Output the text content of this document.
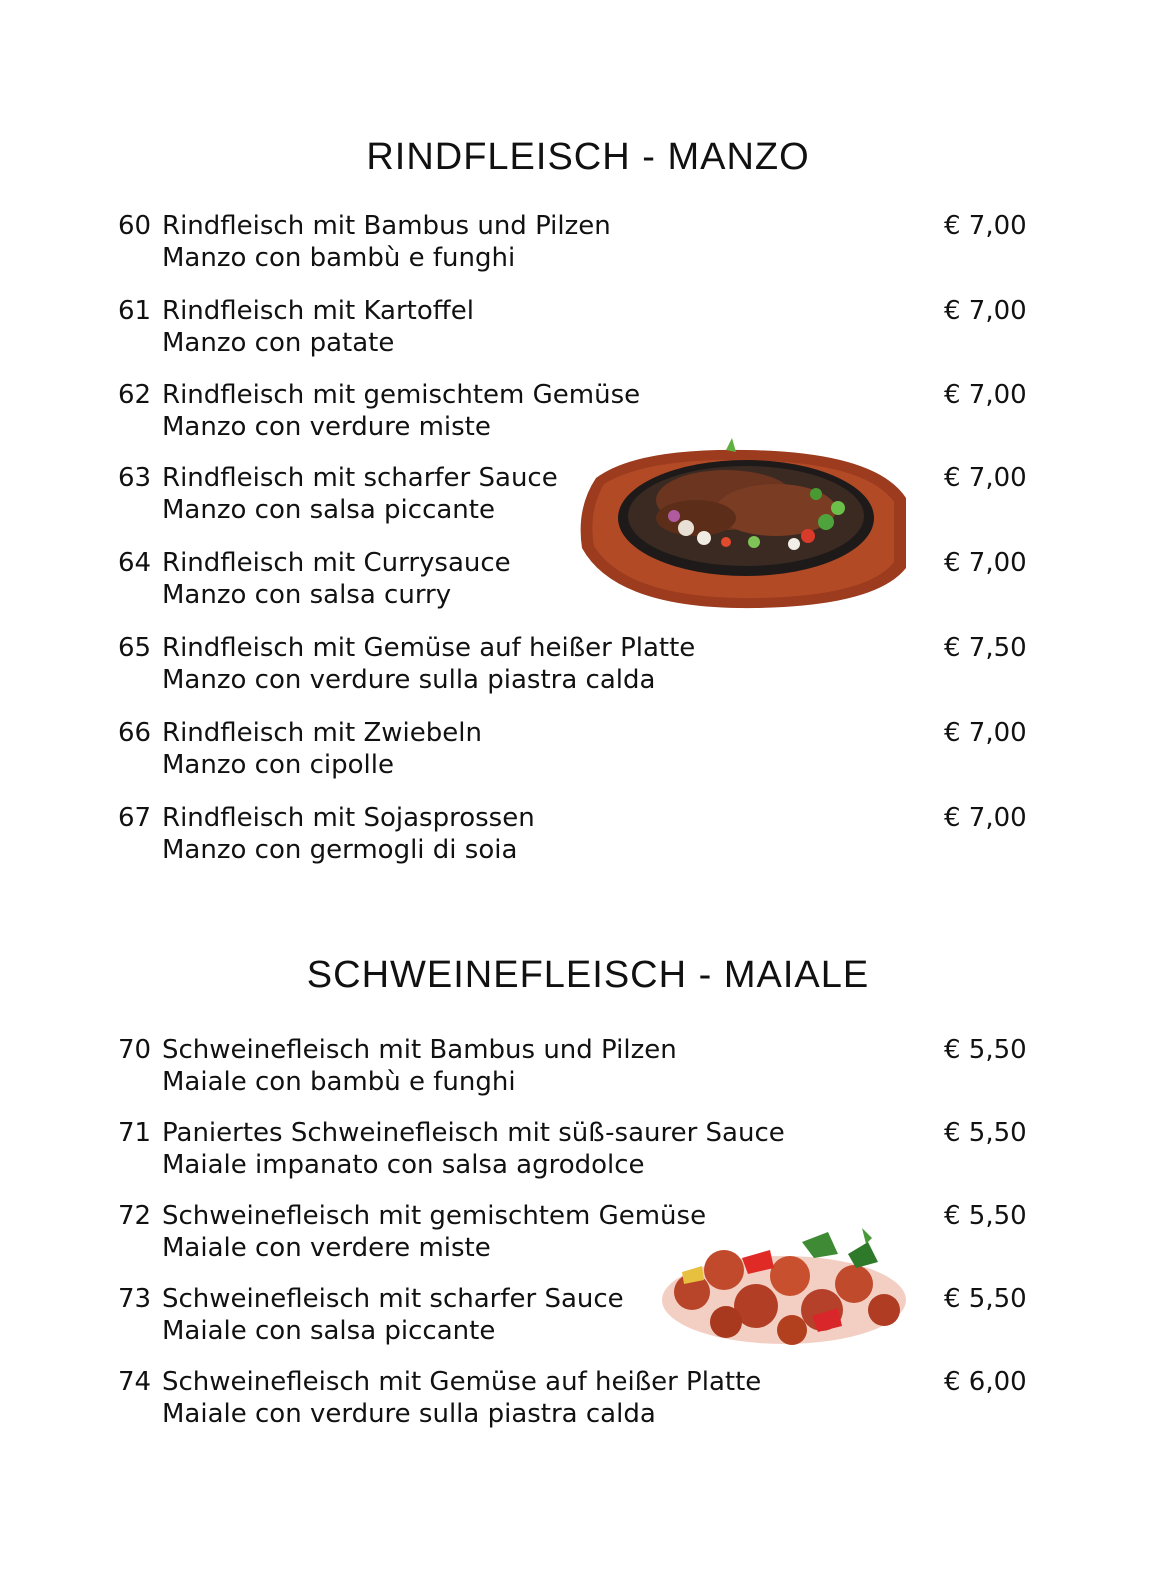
RINDFLEISCH - MANZO
60 Rindfleisch mit Bambus und Pilzen
Manzo con bambù e funghi
€ 7,00
61 Rindfleisch mit Kartoffel
Manzo con patate
€ 7,00
62 Rindfleisch mit gemischtem Gemüse
Manzo con verdure miste
€ 7,00
63 Rindfleisch mit scharfer Sauce
Manzo con salsa piccante
€ 7,00
64 Rindfleisch mit Currysauce
Manzo con salsa curry
€ 7,00
65 Rindfleisch mit Gemüse auf heißer Platte
Manzo con verdure sulla piastra calda
€ 7,50
66 Rindfleisch mit Zwiebeln
Manzo con cipolle
€ 7,00
67 Rindfleisch mit Sojasprossen
Manzo con germogli di soia
€ 7,00
SCHWEINEFLEISCH - MAIALE
70 Schweinefleisch mit Bambus und Pilzen
Maiale con bambù e funghi
€ 5,50
71 Paniertes Schweinefleisch mit süß-saurer Sauce
Maiale impanato con salsa agrodolce
€ 5,50
72 Schweinefleisch mit gemischtem Gemüse
Maiale con verdere miste
€ 5,50
73 Schweinefleisch mit scharfer Sauce
Maiale con salsa piccante
€ 5,50
74 Schweinefleisch mit Gemüse auf heißer Platte
Maiale con verdure sulla piastra calda
€ 6,00
